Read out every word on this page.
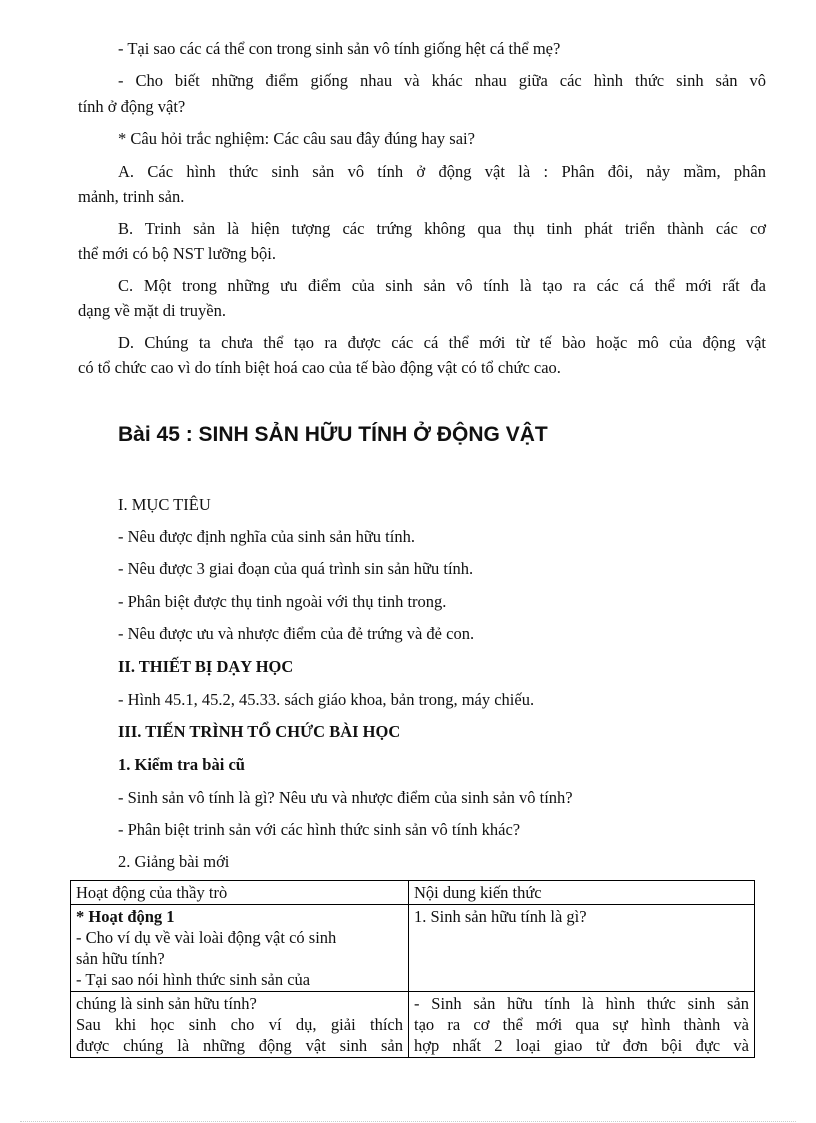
- Tại sao các cá thể con trong sinh sản vô tính giống hệt cá thể mẹ?
- Cho biết những điểm giống nhau và khác nhau giữa các hình thức sinh sản vô
tính ở động vật?
* Câu hỏi trắc nghiệm: Các câu sau đây đúng hay sai?
A. Các hình thức sinh sản vô tính ở động vật là : Phân đôi, nảy mầm, phân
mảnh, trinh sản.
B. Trinh sản là hiện tượng các trứng không qua thụ tinh phát triển thành các cơ
thể mới có bộ NST lưỡng bội.
C. Một trong những ưu điểm của sinh sản vô tính là tạo ra các cá thể mới rất đa
dạng về mặt di truyền.
D. Chúng ta chưa thể tạo ra được các cá thể mới từ tế bào hoặc mô của động vật
có tổ chức cao vì do tính biệt hoá cao của tế bào động vật có tổ chức cao.
Bài 45 : SINH SẢN HỮU TÍNH Ở ĐỘNG VẬT
I. MỤC TIÊU
- Nêu được định nghĩa của sinh sản hữu tính.
- Nêu được 3 giai đoạn của quá trình sin sản hữu tính.
- Phân biệt được thụ tinh ngoài với thụ tinh trong.
- Nêu được ưu và nhược điểm của đẻ trứng và đẻ con.
II. THIẾT BỊ DẠY HỌC
- Hình 45.1, 45.2, 45.33. sách giáo khoa, bản trong, máy chiếu.
III. TIẾN TRÌNH TỔ CHỨC BÀI HỌC
1. Kiểm tra bài cũ
- Sinh sản vô tính là gì? Nêu ưu và nhược điểm của sinh sản vô tính?
- Phân biệt trinh sản với các hình thức sinh sản vô tính khác?
2. Giảng bài mới
Hoạt động của thầy trò	Nội dung kiến thức

* Hoạt động 1
- Cho ví dụ về vài loài động vật có sinh
sản hữu tính?
- Tại sao nói hình thức sinh sản của	1. Sinh sản hữu tính là gì?

chúng là sinh sản hữu tính?
Sau khi học sinh cho ví dụ, giải thích
được chúng là những động vật sinh sản	- Sinh sản hữu tính là hình thức sinh sản
tạo ra cơ thể mới qua sự hình thành và
hợp nhất 2 loại giao tử đơn bội đực và
